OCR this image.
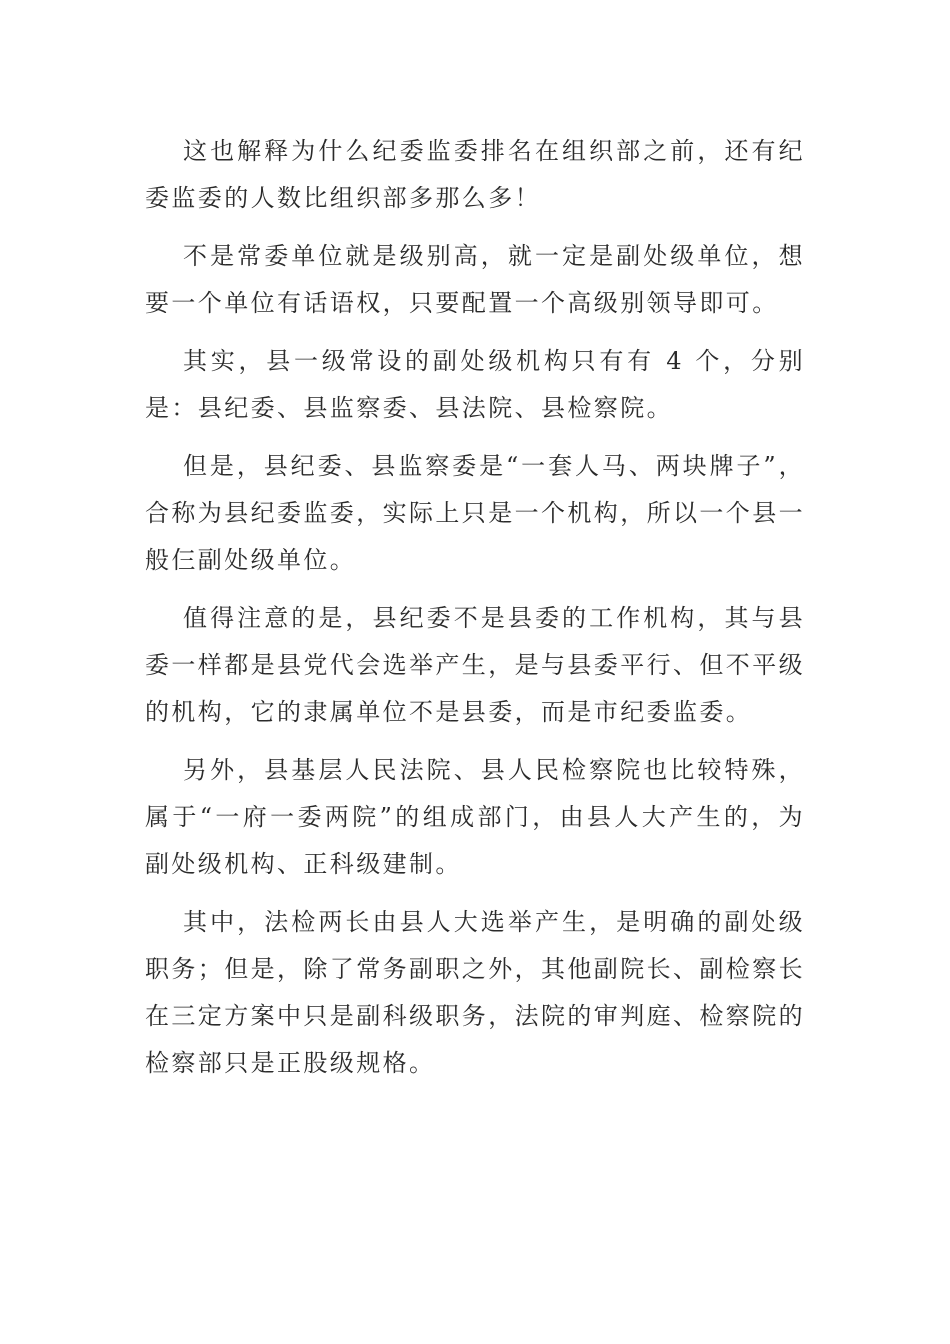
这也解释为什么纪委监委排名在组织部之前，还有纪委监委的人数比组织部多那么多！

不是常委单位就是级别高，就一定是副处级单位，想要一个单位有话语权，只要配置一个高级别领导即可。

其实，县一级常设的副处级机构只有有 4 个，分别是：县纪委、县监察委、县法院、县检察院。

但是，县纪委、县监察委是“一套人马、两块牌子”，合称为县纪委监委，实际上只是一个机构，所以一个县一般仨副处级单位。

值得注意的是，县纪委不是县委的工作机构，其与县委一样都是县党代会选举产生，是与县委平行、但不平级的机构，它的隶属单位不是县委，而是市纪委监委。

另外，县基层人民法院、县人民检察院也比较特殊，属于“一府一委两院”的组成部门，由县人大产生的，为副处级机构、正科级建制。

其中，法检两长由县人大选举产生，是明确的副处级职务；但是，除了常务副职之外，其他副院长、副检察长在三定方案中只是副科级职务，法院的审判庭、检察院的检察部只是正股级规格。
